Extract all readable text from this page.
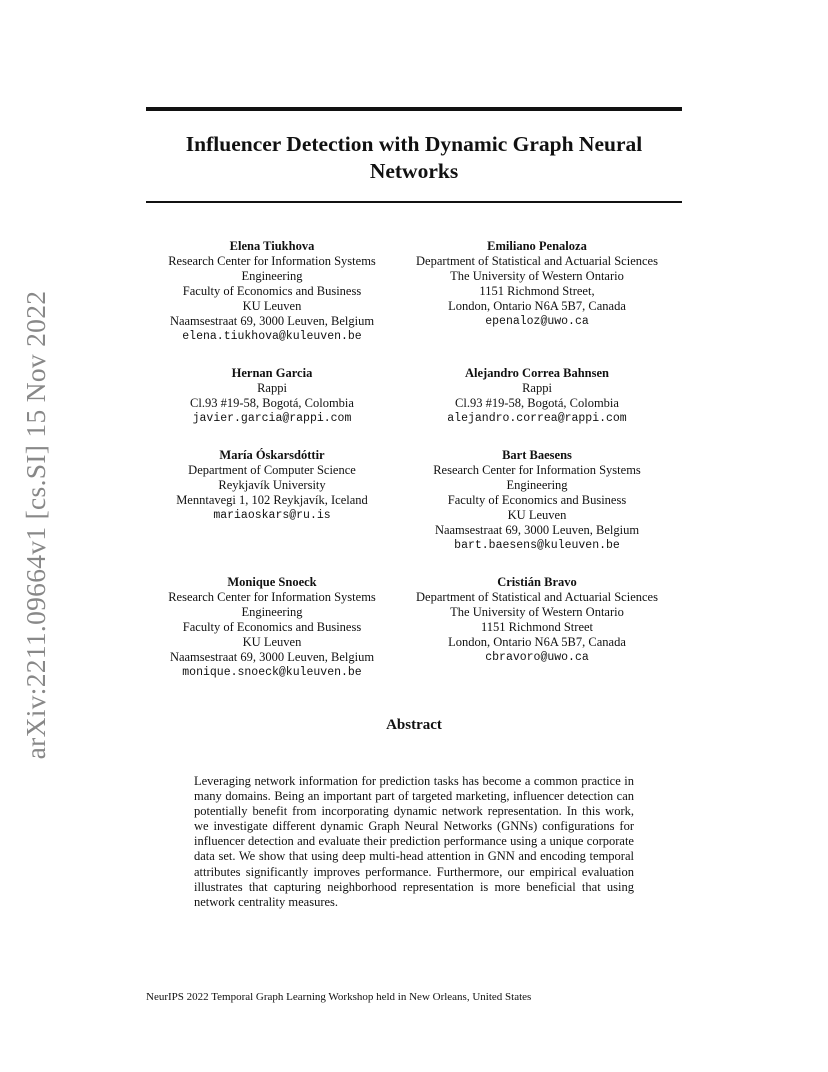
Influencer Detection with Dynamic Graph Neural Networks
arXiv:2211.09664v1 [cs.SI] 15 Nov 2022
Elena Tiukhova
Research Center for Information Systems
Engineering
Faculty of Economics and Business
KU Leuven
Naamsestraat 69, 3000 Leuven, Belgium
elena.tiukhova@kuleuven.be
Emiliano Penaloza
Department of Statistical and Actuarial Sciences
The University of Western Ontario
1151 Richmond Street,
London, Ontario N6A 5B7, Canada
epenaloz@uwo.ca
Hernan Garcia
Rappi
Cl.93 #19-58, Bogotá, Colombia
javier.garcia@rappi.com
Alejandro Correa Bahnsen
Rappi
Cl.93 #19-58, Bogotá, Colombia
alejandro.correa@rappi.com
María Óskarsdóttir
Department of Computer Science
Reykjavík University
Menntavegi 1, 102 Reykjavík, Iceland
mariaoskars@ru.is
Bart Baesens
Research Center for Information Systems
Engineering
Faculty of Economics and Business
KU Leuven
Naamsestraat 69, 3000 Leuven, Belgium
bart.baesens@kuleuven.be
Monique Snoeck
Research Center for Information Systems
Engineering
Faculty of Economics and Business
KU Leuven
Naamsestraat 69, 3000 Leuven, Belgium
monique.snoeck@kuleuven.be
Cristián Bravo
Department of Statistical and Actuarial Sciences
The University of Western Ontario
1151 Richmond Street
London, Ontario N6A 5B7, Canada
cbravoro@uwo.ca
Abstract

Leveraging network information for prediction tasks has become a common practice in many domains. Being an important part of targeted marketing, influencer detection can potentially benefit from incorporating dynamic network representation. In this work, we investigate different dynamic Graph Neural Networks (GNNs) configurations for influencer detection and evaluate their prediction performance using a unique corporate data set. We show that using deep multi-head attention in GNN and encoding temporal attributes significantly improves performance. Furthermore, our empirical evaluation illustrates that capturing neighborhood representation is more beneficial that using network centrality measures.

NeurIPS 2022 Temporal Graph Learning Workshop held in New Orleans, United States
